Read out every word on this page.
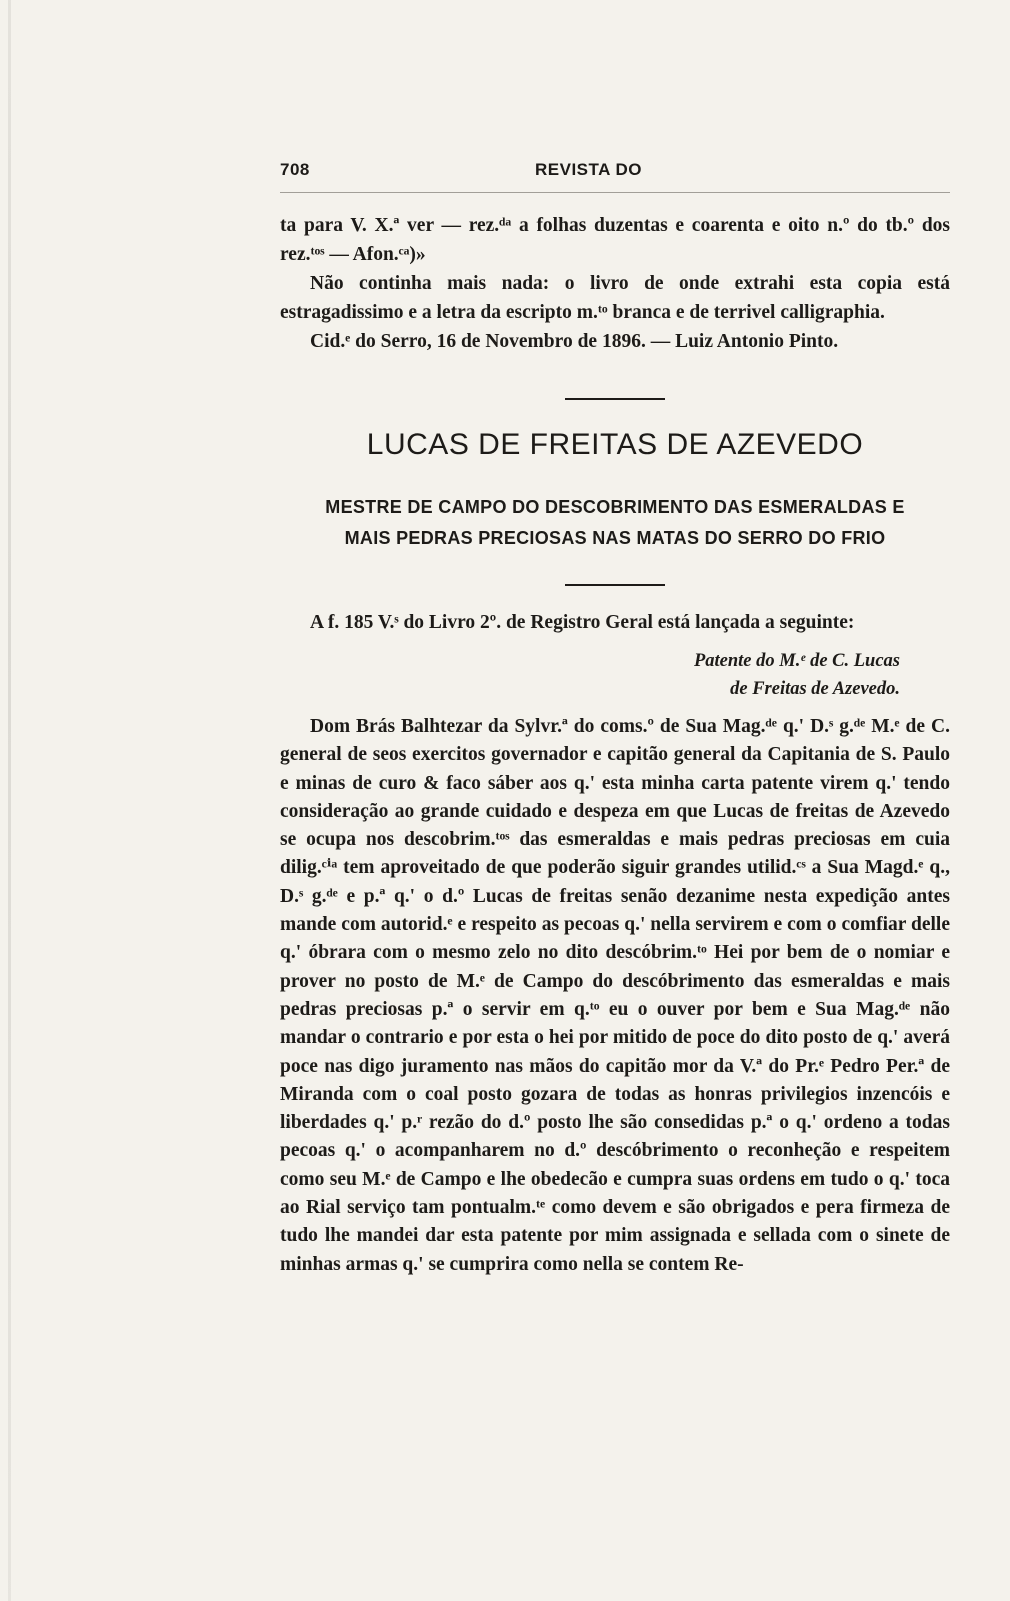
708	REVISTA DO

ta para V. X.ª ver — rez.ᵈᵃ a folhas duzentas e coarenta e oito n.º do tb.º dos rez.ᵗᵒˢ — Afon.ᶜᵃ)»

Não continha mais nada: o livro de onde extrahi esta copia está estragadissimo e a letra da escripto m.ᵗᵒ branca e de terrivel calligraphia.

Cid.ᵉ do Serro, 16 de Novembro de 1896. — Luiz Antonio Pinto.

LUCAS DE FREITAS DE AZEVEDO
MESTRE DE CAMPO DO DESCOBRIMENTO DAS ESMERALDAS E
MAIS PEDRAS PRECIOSAS NAS MATAS DO SERRO DO FRIO

A f. 185 V.ˢ do Livro 2º. de Registro Geral está lançada a seguinte:

Patente do M.ᵉ de C. Lucas
de Freitas de Azevedo.

Dom Brás Balhtezar da Sylvr.ª do coms.º de Sua Mag.ᵈᵉ q.' D.ˢ g.ᵈᵉ M.ᵉ de C. general de seos exercitos governador e capitão general da Capitania de S. Paulo e minas de curo & faco sáber aos q.' esta minha carta patente virem q.' tendo consideração ao grande cuidado e despeza em que Lucas de freitas de Azevedo se ocupa nos descobrim.ᵗᵒˢ das esmeraldas e mais pedras preciosas em cuia dilig.ᶜⁱᵃ tem aproveitado de que poderão siguir grandes utilid.ᶜˢ a Sua Magd.ᵉ q., D.ˢ g.ᵈᵉ e p.ª q.' o d.º Lucas de freitas senão dezanime nesta expedição antes mande com autorid.ᵉ e respeito as pecoas q.' nella servirem e com o comfiar delle q.' óbrara com o mesmo zelo no dito descóbrim.ᵗᵒ Hei por bem de o nomiar e prover no posto de M.ᵉ de Campo do descóbrimento das esmeraldas e mais pedras preciosas p.ª o servir em q.ᵗᵒ eu o ouver por bem e Sua Mag.ᵈᵉ não mandar o contrario e por esta o hei por mitido de poce do dito posto de q.' averá poce nas digo juramento nas mãos do capitão mor da V.ª do Pr.ᵉ Pedro Per.ª de Miranda com o coal posto gozara de todas as honras privilegios inzencóis e liberdades q.' p.ʳ rezão do d.º posto lhe são consedidas p.ª o q.' ordeno a todas pecoas q.' o acompanharem no d.º descóbrimento o reconheção e respeitem como seu M.ᵉ de Campo e lhe obedecão e cumpra suas ordens em tudo o q.' toca ao Rial serviço tam pontualm.ᵗᵉ como devem e são obrigados e pera firmeza de tudo lhe mandei dar esta patente por mim assignada e sellada com o sinete de minhas armas q.' se cumprira como nella se contem Re-
